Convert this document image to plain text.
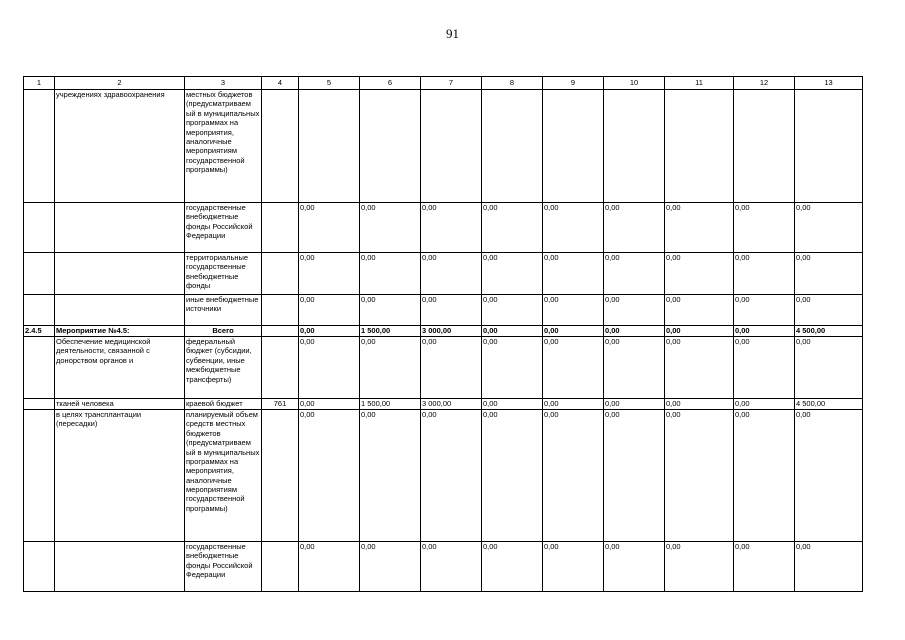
91
1	2	3	4	5	6	7	8	9	10	11	12	13
	учреждениях здравоохранения	местных бюджетов (предусматриваем ый в муниципальных программах на мероприятия, аналогичные мероприятиям государственной программы)										
		государственные внебюджетные фонды Российской Федерации		0,00	0,00	0,00	0,00	0,00	0,00	0,00	0,00	0,00
		территориальные государственные внебюджетные фонды		0,00	0,00	0,00	0,00	0,00	0,00	0,00	0,00	0,00
		иные внебюджетные источники		0,00	0,00	0,00	0,00	0,00	0,00	0,00	0,00	0,00
2.4.5	Мероприятие №4.5:	Всего		0,00	1 500,00	3 000,00	0,00	0,00	0,00	0,00	0,00	4 500,00
	Обеспечение медицинской деятельности, связанной с донорством органов и	федеральный бюджет (субсидии, субвенции, иные межбюджетные трансферты)		0,00	0,00	0,00	0,00	0,00	0,00	0,00	0,00	0,00
	тканей человека	краевой бюджет	761	0,00	1 500,00	3 000,00	0,00	0,00	0,00	0,00	0,00	4 500,00
	в целях трансплантации (пересадки)	планируемый объем средств местных бюджетов (предусматриваем ый в муниципальных программах на мероприятия, аналогичные мероприятиям государственной программы)		0,00	0,00	0,00	0,00	0,00	0,00	0,00	0,00	0,00
		государственные внебюджетные фонды Российской Федерации		0,00	0,00	0,00	0,00	0,00	0,00	0,00	0,00	0,00
